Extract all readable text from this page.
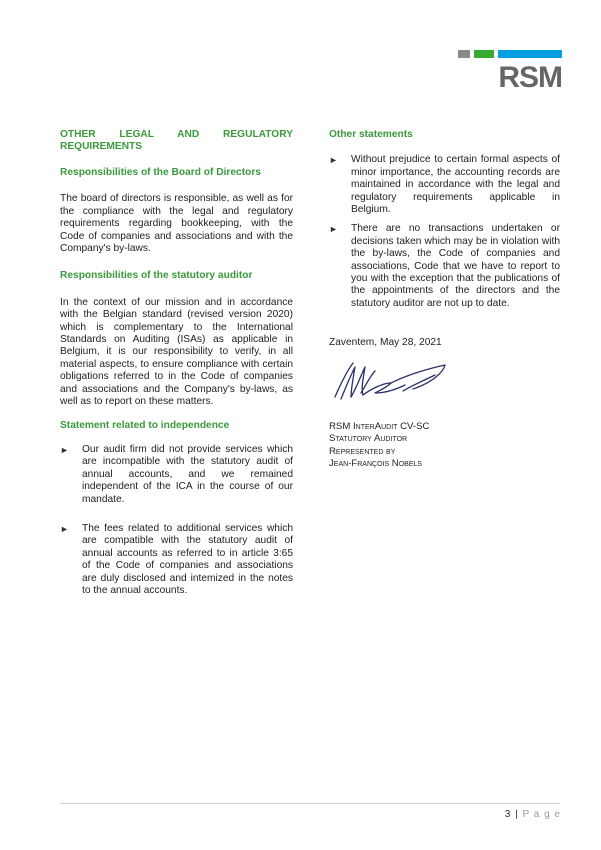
RSM

OTHER LEGAL AND REGULATORY

REQUIREMENTS

Responsibilities of the Board of Directors

The board of directors is responsible, as well as for the compliance with the legal and regulatory requirements regarding bookkeeping, with the Code of companies and associations and with the Company's by-laws.

Responsibilities of the statutory auditor

In the context of our mission and in accordance with the Belgian standard (revised version 2020) which is complementary to the International Standards on Auditing (ISAs) as applicable in Belgium, it is our responsibility to verify, in all material aspects, to ensure compliance with certain obligations referred to in the Code of companies and associations and the Company's by-laws, as well as to report on these matters.

Statement related to independence

► Our audit firm did not provide services which are incompatible with the statutory audit of annual accounts, and we remained independent of the ICA in the course of our mandate.
► The fees related to additional services which are compatible with the statutory audit of annual accounts as referred to in article 3:65 of the Code of companies and associations are duly disclosed and intemized in the notes to the annual accounts.

Other statements

► Without prejudice to certain formal aspects of minor importance, the accounting records are maintained in accordance with the legal and regulatory requirements applicable in Belgium.
► There are no transactions undertaken or decisions taken which may be in violation with the by-laws, the Code of companies and associations, Code that we have to report to you with the exception that the publications of the appointments of the directors and the statutory auditor are not up to date.

Zaventem, May 28, 2021

RSM InterAudit CV-SC
Statutory Auditor
Represented by
Jean-François Nobels
3 | P a g e
